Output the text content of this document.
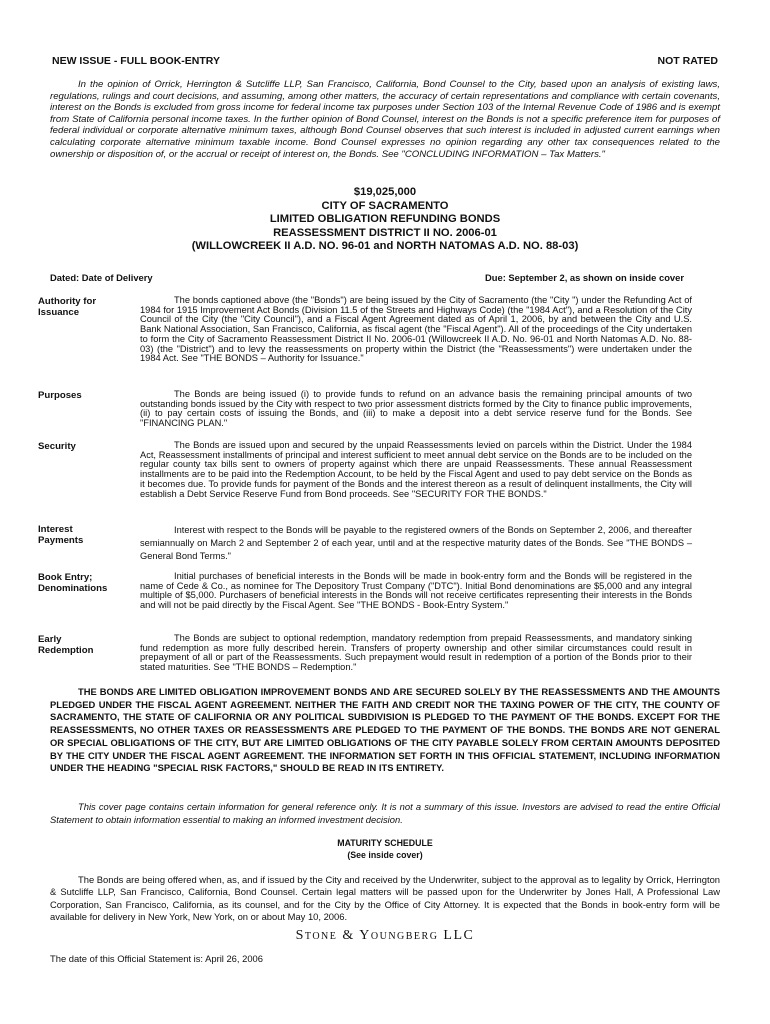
NEW ISSUE - FULL BOOK-ENTRY	NOT RATED

In the opinion of Orrick, Herrington & Sutcliffe LLP, San Francisco, California, Bond Counsel to the City, based upon an analysis of existing laws, regulations, rulings and court decisions, and assuming, among other matters, the accuracy of certain representations and compliance with certain covenants, interest on the Bonds is excluded from gross income for federal income tax purposes under Section 103 of the Internal Revenue Code of 1986 and is exempt from State of California personal income taxes. In the further opinion of Bond Counsel, interest on the Bonds is not a specific preference item for purposes of federal individual or corporate alternative minimum taxes, although Bond Counsel observes that such interest is included in adjusted current earnings when calculating corporate alternative minimum taxable income. Bond Counsel expresses no opinion regarding any other tax consequences related to the ownership or disposition of, or the accrual or receipt of interest on, the Bonds. See "CONCLUDING INFORMATION – Tax Matters."

$19,025,000
CITY OF SACRAMENTO
LIMITED OBLIGATION REFUNDING BONDS
REASSESSMENT DISTRICT II NO. 2006-01
(WILLOWCREEK II A.D. NO. 96-01 and NORTH NATOMAS A.D. NO. 88-03)
Dated: Date of Delivery	Due: September 2, as shown on inside cover
Authority for
Issuance

The bonds captioned above (the "Bonds") are being issued by the City of Sacramento (the "City ") under the Refunding Act of 1984 for 1915 Improvement Act Bonds (Division 11.5 of the Streets and Highways Code) (the "1984 Act"), and a Resolution of the City Council of the City (the "City Council"), and a Fiscal Agent Agreement dated as of April 1, 2006, by and between the City and U.S. Bank National Association, San Francisco, California, as fiscal agent (the "Fiscal Agent"). All of the proceedings of the City undertaken to form the City of Sacramento Reassessment District II No. 2006-01 (Willowcreek II A.D. No. 96-01 and North Natomas A.D. No. 88-03) (the "District") and to levy the reassessments on property within the District (the "Reassessments") were undertaken under the 1984 Act. See "THE BONDS – Authority for Issuance."

Purposes	The Bonds are being issued (i) to provide funds to refund on an advance basis the remaining principal amounts of two outstanding bonds issued by the City with respect to two prior assessment districts formed by the City to finance public improvements, (ii) to pay certain costs of issuing the Bonds, and (iii) to make a deposit into a debt service reserve fund for the Bonds. See "FINANCING PLAN."

Security	The Bonds are issued upon and secured by the unpaid Reassessments levied on parcels within the District. Under the 1984 Act, Reassessment installments of principal and interest sufficient to meet annual debt service on the Bonds are to be included on the regular county tax bills sent to owners of property against which there are unpaid Reassessments. These annual Reassessment installments are to be paid into the Redemption Account, to be held by the Fiscal Agent and used to pay debt service on the Bonds as it becomes due. To provide funds for payment of the Bonds and the interest thereon as a result of delinquent installments, the City will establish a Debt Service Reserve Fund from Bond proceeds. See "SECURITY FOR THE BONDS."

Interest
Payments

Interest with respect to the Bonds will be payable to the registered owners of the Bonds on September 2, 2006, and thereafter semiannually on March 2 and September 2 of each year, until and at the respective maturity dates of the Bonds. See "THE BONDS – General Bond Terms."

Book Entry;
Denominations

Initial purchases of beneficial interests in the Bonds will be made in book-entry form and the Bonds will be registered in the name of Cede & Co., as nominee for The Depository Trust Company ("DTC"). Initial Bond denominations are $5,000 and any integral multiple of $5,000. Purchasers of beneficial interests in the Bonds will not receive certificates representing their interests in the Bonds and will not be paid directly by the Fiscal Agent. See "THE BONDS - Book-Entry System."

Early
Redemption

The Bonds are subject to optional redemption, mandatory redemption from prepaid Reassessments, and mandatory sinking fund redemption as more fully described herein. Transfers of property ownership and other similar circumstances could result in prepayment of all or part of the Reassessments. Such prepayment would result in redemption of a portion of the Bonds prior to their stated maturities. See "THE BONDS – Redemption."

THE BONDS ARE LIMITED OBLIGATION IMPROVEMENT BONDS AND ARE SECURED SOLELY BY THE REASSESSMENTS AND THE AMOUNTS PLEDGED UNDER THE FISCAL AGENT AGREEMENT. NEITHER THE FAITH AND CREDIT NOR THE TAXING POWER OF THE CITY, THE COUNTY OF SACRAMENTO, THE STATE OF CALIFORNIA OR ANY POLITICAL SUBDIVISION IS PLEDGED TO THE PAYMENT OF THE BONDS. EXCEPT FOR THE REASSESSMENTS, NO OTHER TAXES OR REASSESSMENTS ARE PLEDGED TO THE PAYMENT OF THE BONDS. THE BONDS ARE NOT GENERAL OR SPECIAL OBLIGATIONS OF THE CITY, BUT ARE LIMITED OBLIGATIONS OF THE CITY PAYABLE SOLELY FROM CERTAIN AMOUNTS DEPOSITED BY THE CITY UNDER THE FISCAL AGENT AGREEMENT. THE INFORMATION SET FORTH IN THIS OFFICIAL STATEMENT, INCLUDING INFORMATION UNDER THE HEADING "SPECIAL RISK FACTORS," SHOULD BE READ IN ITS ENTIRETY.

This cover page contains certain information for general reference only. It is not a summary of this issue. Investors are advised to read the entire Official Statement to obtain information essential to making an informed investment decision.

MATURITY SCHEDULE
(See inside cover)

The Bonds are being offered when, as, and if issued by the City and received by the Underwriter, subject to the approval as to legality by Orrick, Herrington & Sutcliffe LLP, San Francisco, California, Bond Counsel. Certain legal matters will be passed upon for the Underwriter by Jones Hall, A Professional Law Corporation, San Francisco, California, as its counsel, and for the City by the Office of City Attorney. It is expected that the Bonds in book-entry form will be available for delivery in New York, New York, on or about May 10, 2006.

Stone & Youngberg LLC
The date of this Official Statement is: April 26, 2006
